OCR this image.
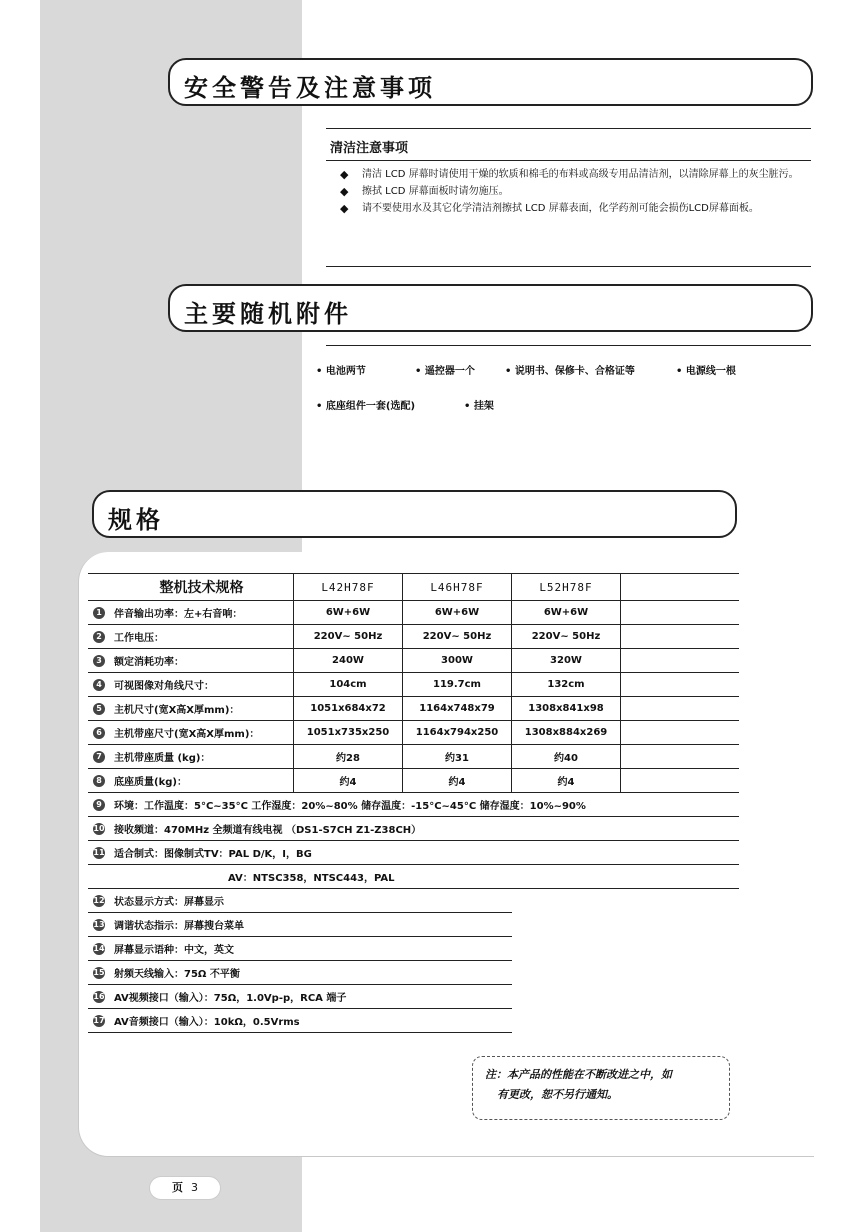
安全警告及注意事项
清洁注意事项
◆	清洁 LCD 屏幕时请使用干燥的软质和棉毛的布料或高级专用品清洁剂，以清除屏幕上的灰尘脏污。
◆	擦拭 LCD 屏幕面板时请勿施压。
◆	请不要使用水及其它化学清洁剂擦拭 LCD 屏幕表面，化学药剂可能会损伤LCD屏幕面板。
主要随机附件
• 电池两节	• 遥控器一个	• 说明书、保修卡、合格证等	• 电源线一根
• 底座组件一套(选配)	• 挂架
规格
	整机技术规格	L42H78F	L46H78F	L52H78F	
1	伴音输出功率：左+右音响：	6W+6W	6W+6W	6W+6W	
2	工作电压：	220V~ 50Hz	220V~ 50Hz	220V~ 50Hz	
3	额定消耗功率：	240W	300W	320W	
4	可视图像对角线尺寸：	104cm	119.7cm	132cm	
5	主机尺寸(宽X高X厚mm)：	1051x684x72	1164x748x79	1308x841x98	
6	主机带座尺寸(宽X高X厚mm)：	1051x735x250	1164x794x250	1308x884x269	
7	主机带座质量 (kg)：	约28	约31	约40	
8	底座质量(kg)：	约4	约4	约4	
9	环境：工作温度：5°C~35°C 工作湿度：20%~80% 储存温度：-15°C~45°C 储存湿度：10%~90%				
10	接收频道：470MHz 全频道有线电视 （DS1-S7CH Z1-Z38CH）				
11	适合制式：图像制式TV：PAL D/K，I，BG				
	AV：NTSC358，NTSC443，PAL				
12	状态显示方式：屏幕显示				
13	调谐状态指示：屏幕搜台菜单				
14	屏幕显示语种：中文，英文				
15	射频天线输入：75Ω 不平衡				
16	AV视频接口（输入）：75Ω，1.0Vp-p，RCA 端子				
17	AV音频接口（输入）：10kΩ，0.5Vrms				
注：本产品的性能在不断改进之中，如
有更改，恕不另行通知。
页 3
